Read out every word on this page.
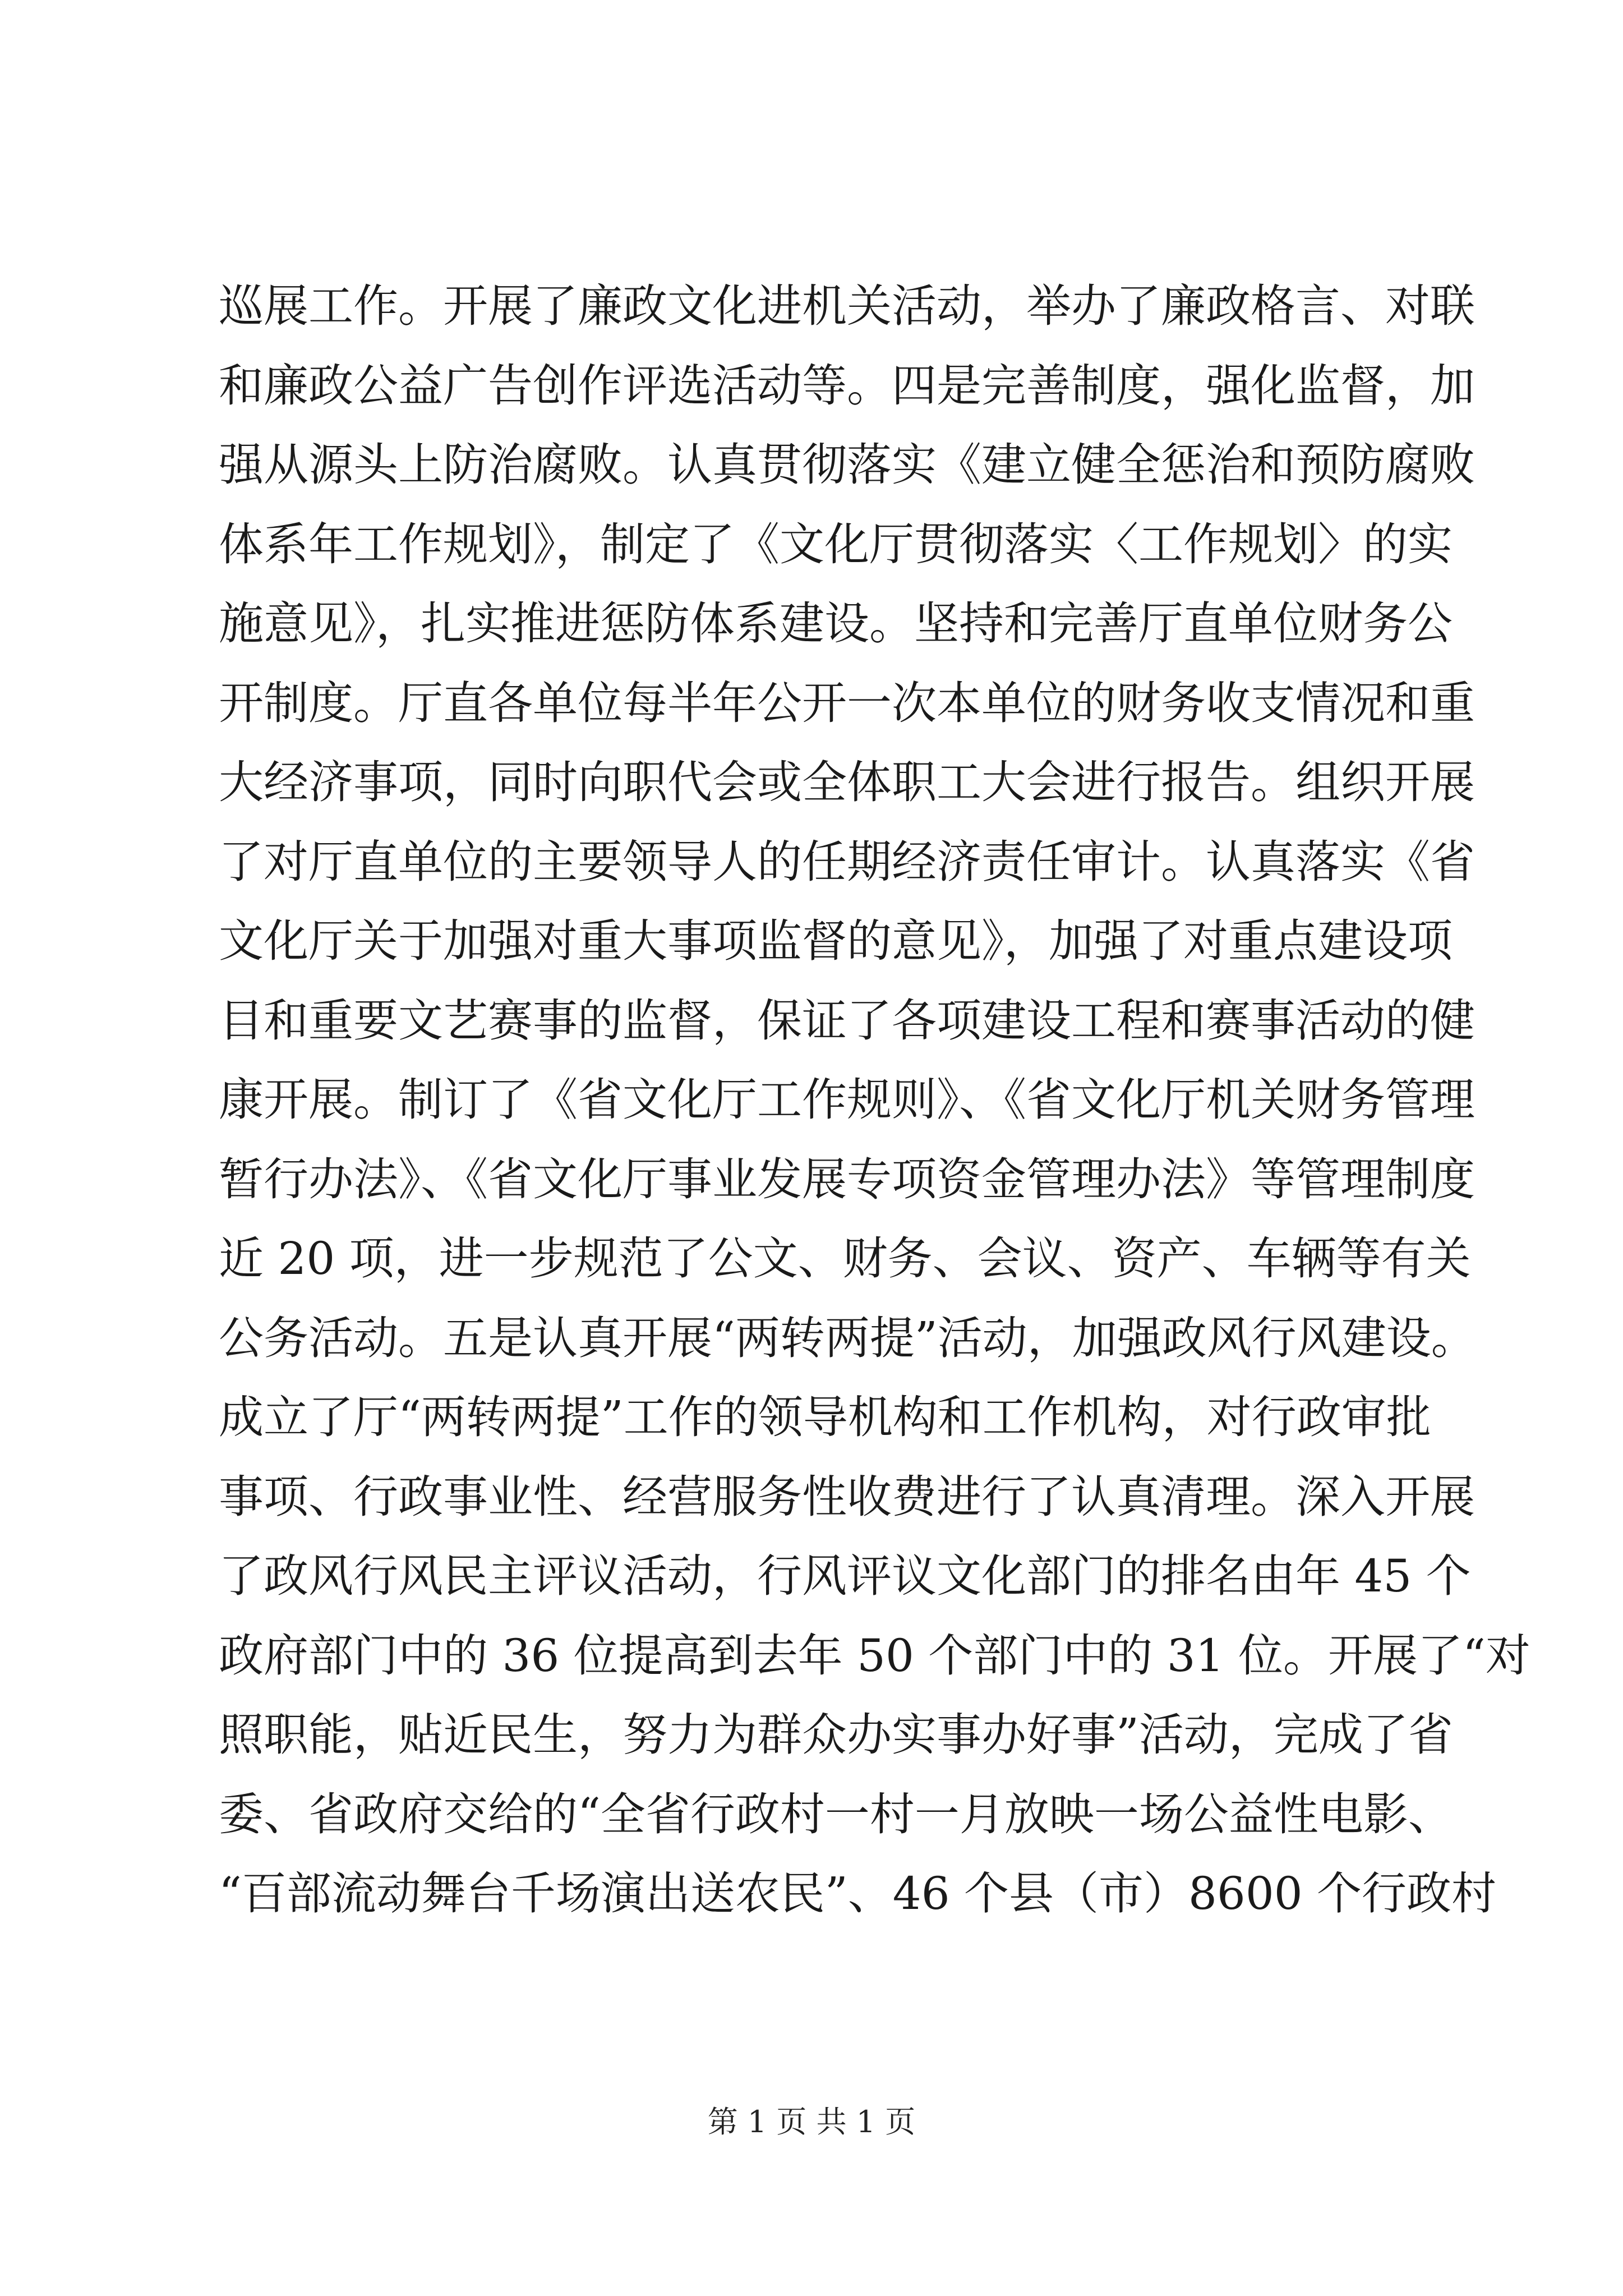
巡展工作。开展了廉政文化进机关活动，举办了廉政格言、对联
和廉政公益广告创作评选活动等。四是完善制度，强化监督，加
强从源头上防治腐败。认真贯彻落实《建立健全惩治和预防腐败
体系年工作规划》，制定了《文化厅贯彻落实〈工作规划〉的实
施意见》，扎实推进惩防体系建设。坚持和完善厅直单位财务公
开制度。厅直各单位每半年公开一次本单位的财务收支情况和重
大经济事项，同时向职代会或全体职工大会进行报告。组织开展
了对厅直单位的主要领导人的任期经济责任审计。认真落实《省
文化厅关于加强对重大事项监督的意见》，加强了对重点建设项
目和重要文艺赛事的监督，保证了各项建设工程和赛事活动的健
康开展。制订了《省文化厅工作规则》、《省文化厅机关财务管理
暂行办法》、《省文化厅事业发展专项资金管理办法》等管理制度
近 20 项，进一步规范了公文、财务、会议、资产、车辆等有关
公务活动。五是认真开展“两转两提”活动，加强政风行风建设。
成立了厅“两转两提”工作的领导机构和工作机构，对行政审批
事项、行政事业性、经营服务性收费进行了认真清理。深入开展
了政风行风民主评议活动，行风评议文化部门的排名由年 45 个
政府部门中的 36 位提高到去年 50 个部门中的 31 位。开展了“对
照职能，贴近民生，努力为群众办实事办好事”活动，完成了省
委、省政府交给的“全省行政村一村一月放映一场公益性电影、
“百部流动舞台千场演出送农民”、46 个县（市）8600 个行政村
第 1 页 共 1 页
